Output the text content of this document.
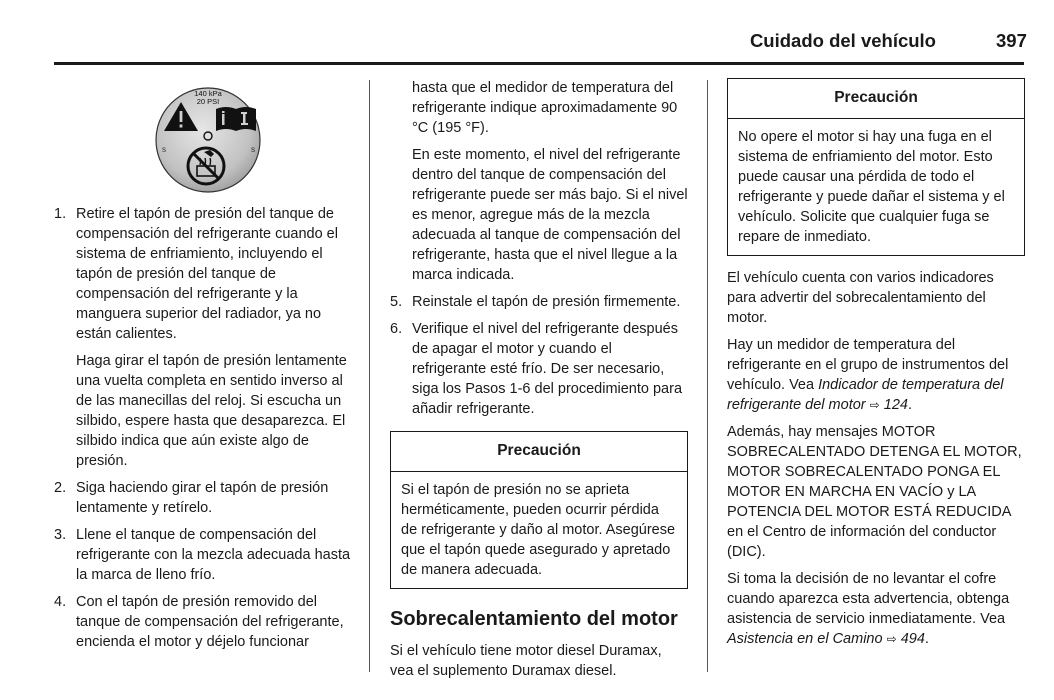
Cuidado del vehículo	397
140 kPa
20 PSI
S	S
1. Retire el tapón de presión del tanque de compensación del refrigerante cuando el sistema de enfriamiento, incluyendo el tapón de presión del tanque de compensación del refrigerante y la manguera superior del radiador, ya no están calientes.

Haga girar el tapón de presión lentamente una vuelta completa en sentido inverso al de las manecillas del reloj. Si escucha un silbido, espere hasta que desaparezca. El silbido indica que aún existe algo de presión.

2. Siga haciendo girar el tapón de presión lentamente y retírelo.

3. Llene el tanque de compensación del refrigerante con la mezcla adecuada hasta la marca de lleno frío.

4. Con el tapón de presión removido del tanque de compensación del refrigerante, encienda el motor y déjelo funcionar

hasta que el medidor de temperatura del refrigerante indique aproximadamente 90 °C (195 °F).

En este momento, el nivel del refrigerante dentro del tanque de compensación del refrigerante puede ser más bajo. Si el nivel es menor, agregue más de la mezcla adecuada al tanque de compensación del refrigerante, hasta que el nivel llegue a la marca indicada.

5. Reinstale el tapón de presión firmemente.

6. Verifique el nivel del refrigerante después de apagar el motor y cuando el refrigerante esté frío. De ser necesario, siga los Pasos 1-6 del procedimiento para añadir refrigerante.

Precaución
Si el tapón de presión no se aprieta herméticamente, pueden ocurrir pérdida de refrigerante y daño al motor. Asegúrese que el tapón quede asegurado y apretado de manera adecuada.
Sobrecalentamiento del motor

Si el vehículo tiene motor diesel Duramax, vea el suplemento Duramax diesel.

Precaución
No opere el motor si hay una fuga en el sistema de enfriamiento del motor. Esto puede causar una pérdida de todo el refrigerante y puede dañar el sistema y el vehículo. Solicite que cualquier fuga se repare de inmediato.

El vehículo cuenta con varios indicadores para advertir del sobrecalentamiento del motor.

Hay un medidor de temperatura del refrigerante en el grupo de instrumentos del vehículo. Vea Indicador de temperatura del refrigerante del motor ⇨ 124.

Además, hay mensajes MOTOR SOBRECALENTADO DETENGA EL MOTOR, MOTOR SOBRECALENTADO PONGA EL MOTOR EN MARCHA EN VACÍO y LA POTENCIA DEL MOTOR ESTÁ REDUCIDA en el Centro de información del conductor (DIC).

Si toma la decisión de no levantar el cofre cuando aparezca esta advertencia, obtenga asistencia de servicio inmediatamente. Vea Asistencia en el Camino ⇨ 494.
